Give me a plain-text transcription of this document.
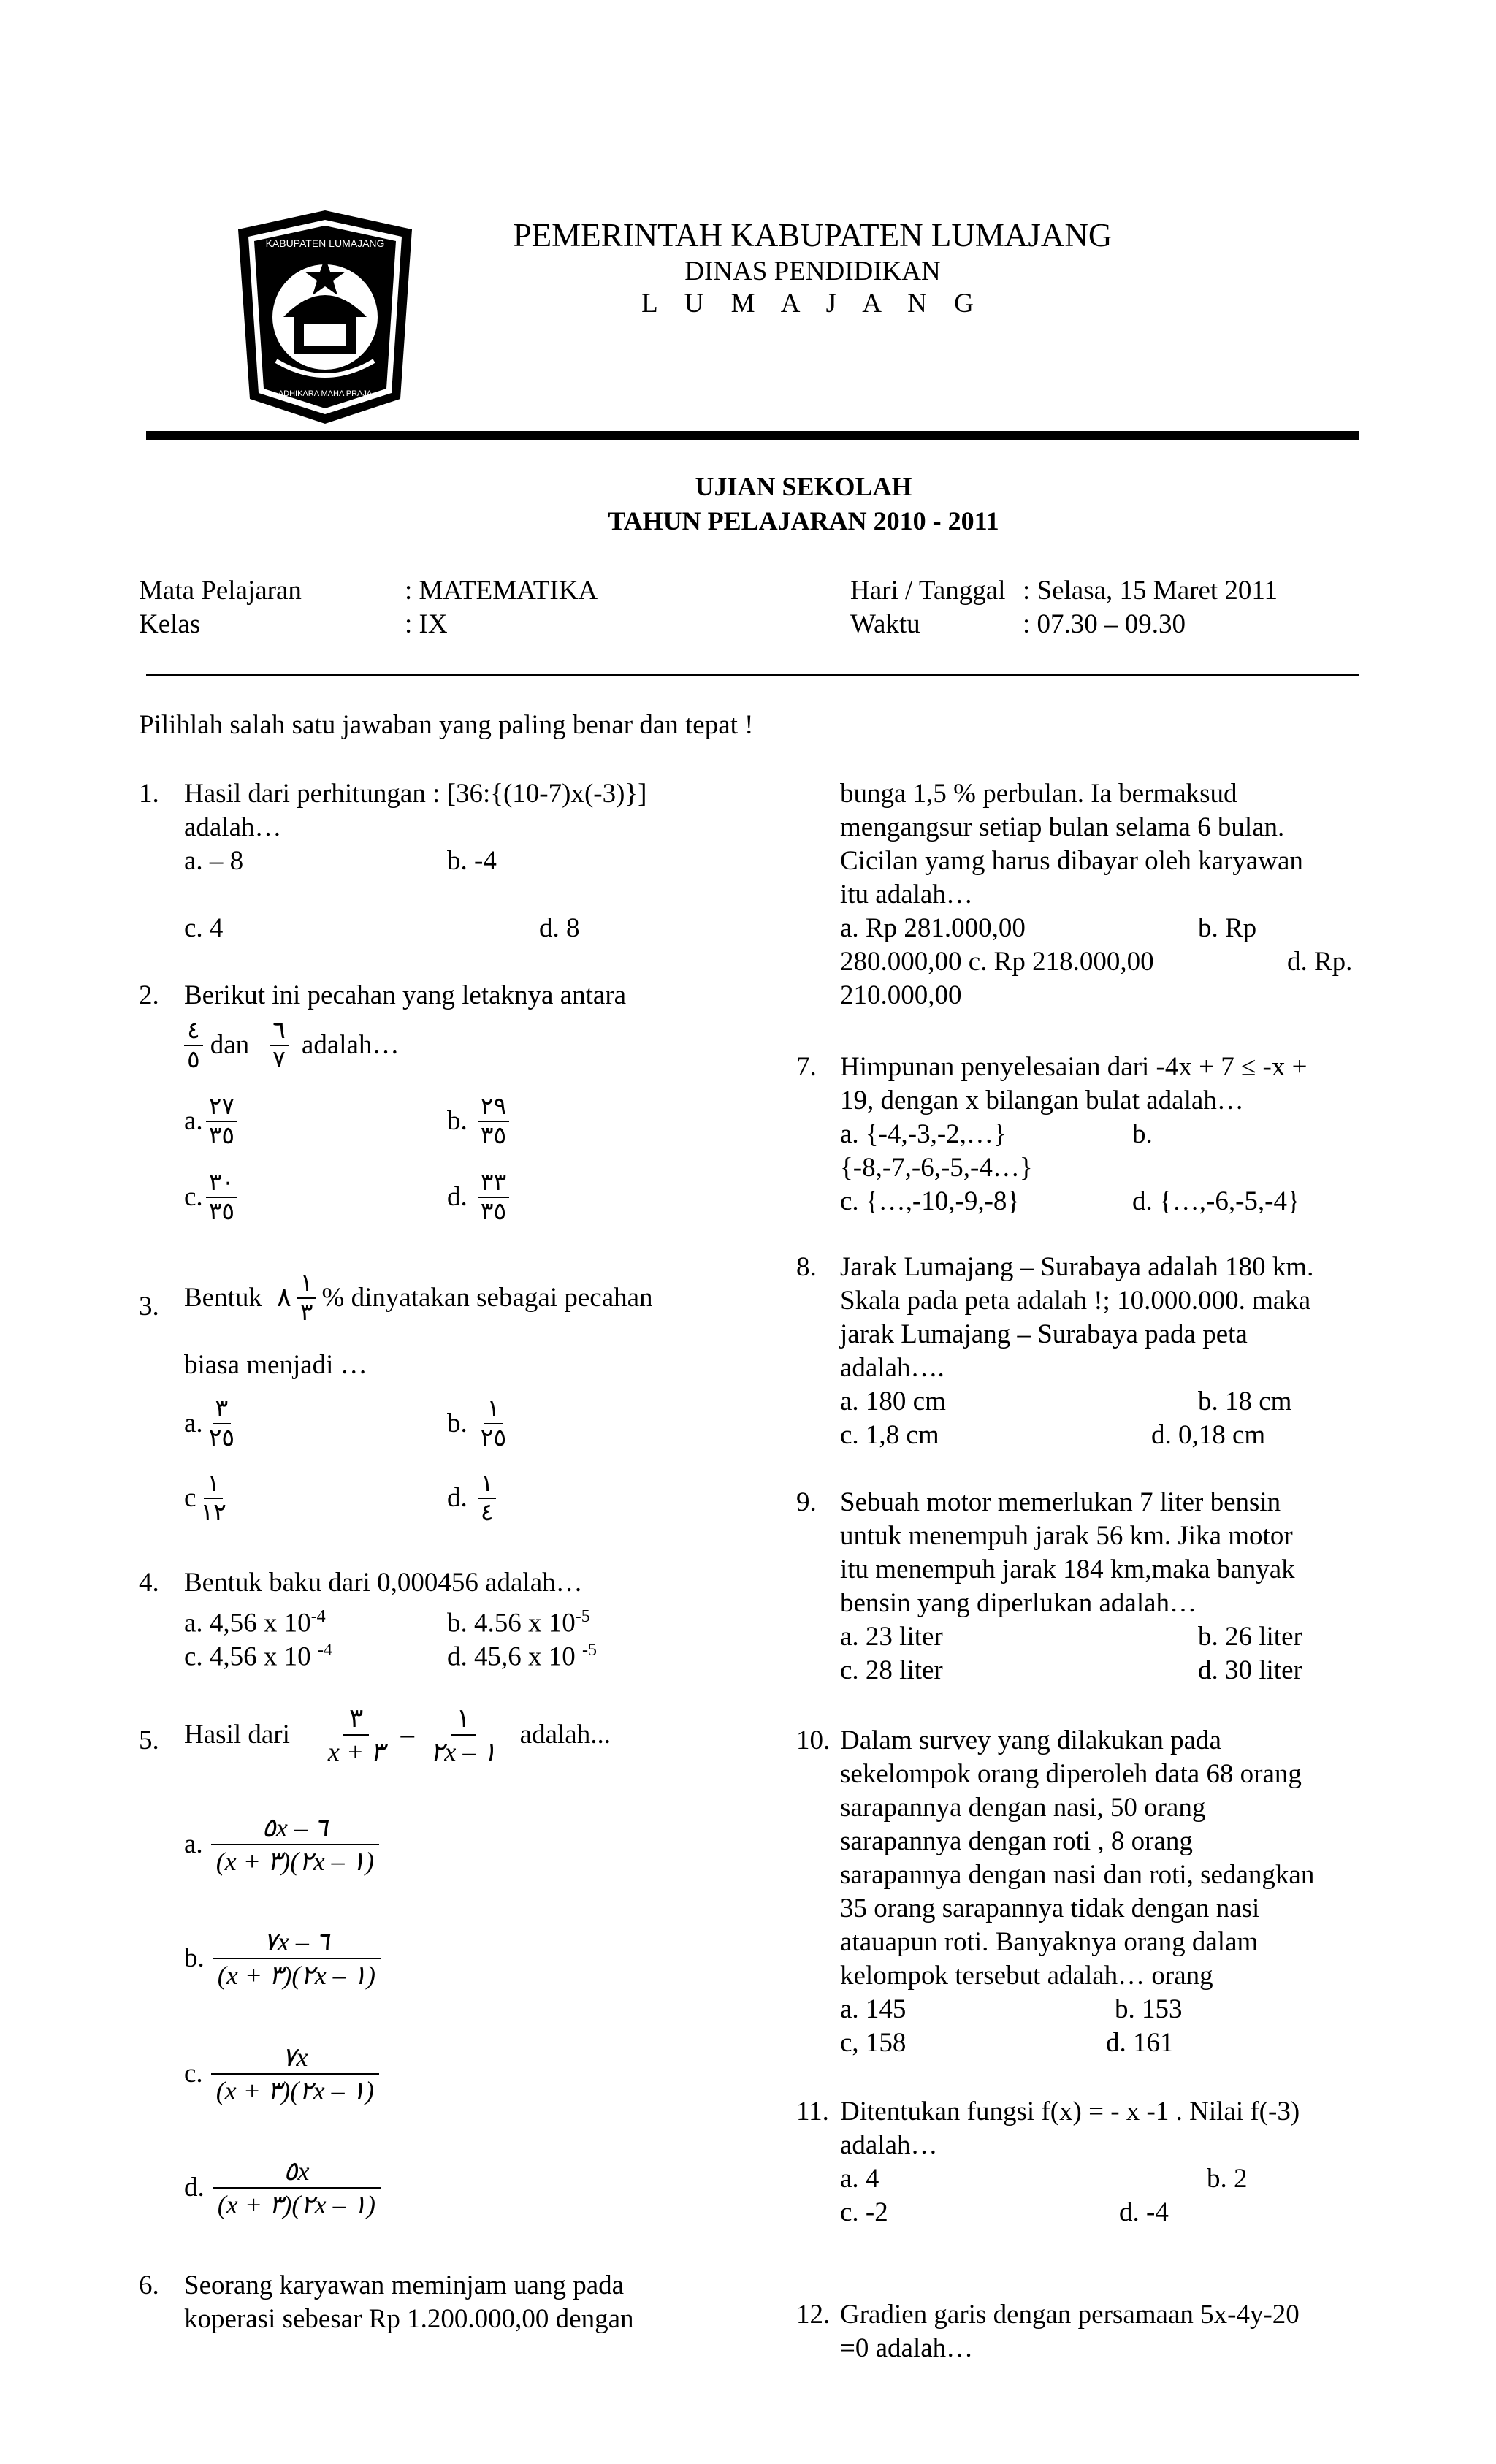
ADHIKARA MAHA PRAJA
KABUPATEN LUMAJANG	PEMERINTAH KABUPATEN LUMAJANG
DINAS PENDIDIKAN
L U M A J A N G
UJIAN SEKOLAH
TAHUN PELAJARAN 2010 - 2011
Mata Pelajaran	: MATEMATIKA
Kelas	: IX
Hari / Tanggal : Selasa, 15 Maret 2011
Waktu	: 07.30 – 09.30
Pilihlah salah satu jawaban yang paling benar dan tepat !
1. Hasil dari perhitungan : [36:{(10-7)x(-3)}]
adalah…
a. – 8	b. -4
c. 4	d. 8
2. Berikut ini pecahan yang letaknya antara
$\frac{٤}{٥}$ dan $\frac{٦}{٧}$ adalah…
a. $\frac{٢٧}{٣٥}$	b. $\frac{٢٩}{٣٥}$
c. $\frac{٣٠}{٣٥}$	d. $\frac{٣٣}{٣٥}$
3. Bentuk ٨ $\frac{١}{٣}$ % dinyatakan sebagai pecahan
biasa menjadi …
a. $\frac{٣}{٢٥}$	b. $\frac{١}{٢٥}$
c $\frac{١}{١٢}$	d. $\frac{١}{٤}$
4. Bentuk baku dari 0,000456 adalah…
a. 4,56 x $10^{-4}$	b. 4.56 x $10^{-5}$
c. 4,56 x 10 $^{-4}$	d. 45,6 x 10 $^{-5}$
5. Hasil dari $\frac{٣}{x + ٣} - \frac{١}{٢x - ١}$ adalah...
a. $\frac{٥x - ٦}{(x + ٣)(٢x - ١)}$
b. $\frac{٧x - ٦}{(x + ٣)(٢x - ١)}$
c. $\frac{٧x}{(x + ٣)(٢x - ١)}$
d. $\frac{٥x}{(x + ٣)(٢x - ١)}$
6. Seorang karyawan meminjam uang pada
koperasi sebesar Rp 1.200.000,00 dengan
bunga 1,5 % perbulan. Ia bermaksud
mengangsur setiap bulan selama 6 bulan.
Cicilan yamg harus dibayar oleh karyawan
itu adalah…
a. Rp 281.000,00	b. Rp
280.000,00 c. Rp 218.000,00	d. Rp.
210.000,00
7. Himpunan penyelesaian dari -4x + 7 ≤ -x +
19, dengan x bilangan bulat adalah…
a. {-4,-3,-2,…}	b.
{-8,-7,-6,-5,-4…}
c. {…,-10,-9,-8}	d. {…,-6,-5,-4}
8. Jarak Lumajang – Surabaya adalah 180 km.
Skala pada peta adalah !; 10.000.000. maka
jarak Lumajang – Surabaya pada peta
adalah….
a. 180 cm	b. 18 cm
c. 1,8 cm	d. 0,18 cm
9. Sebuah motor memerlukan 7 liter bensin
untuk menempuh jarak 56 km. Jika motor
itu menempuh jarak 184 km,maka banyak
bensin yang diperlukan adalah…
a. 23 liter	b. 26 liter
c. 28 liter	d. 30 liter
10. Dalam survey yang dilakukan pada
sekelompok orang diperoleh data 68 orang
sarapannya dengan nasi, 50 orang
sarapannya dengan roti , 8 orang
sarapannya dengan nasi dan roti, sedangkan
35 orang sarapannya tidak dengan nasi
atauapun roti. Banyaknya orang dalam
kelompok tersebut adalah… orang
a. 145	b. 153
c, 158	d. 161
11. Ditentukan fungsi f(x) = - x -1 . Nilai f(-3)
adalah…
a. 4	b. 2
c. -2	d. -4
12. Gradien garis dengan persamaan 5x-4y-20
=0 adalah…
